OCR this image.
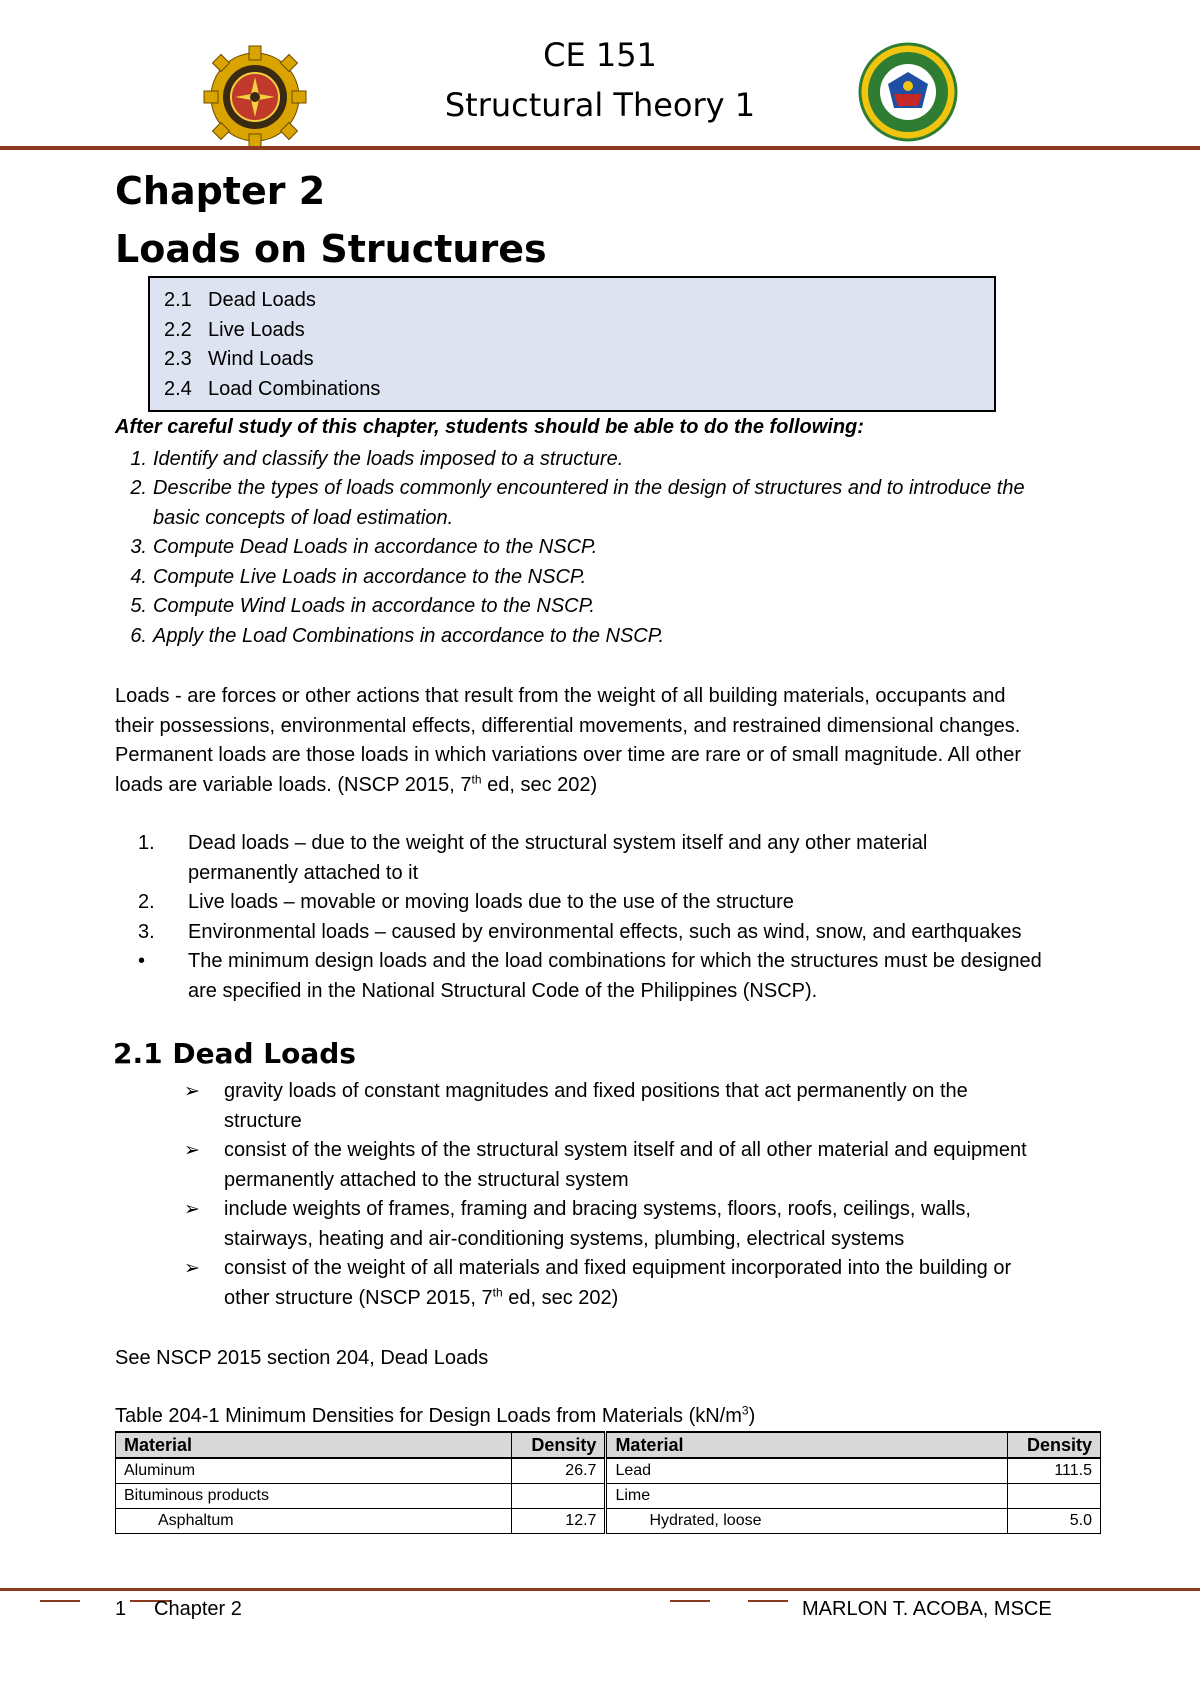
CE 151
Structural Theory 1
Chapter 2
Loads on Structures
2.1 Dead Loads
2.2 Live Loads
2.3 Wind Loads
2.4 Load Combinations
After careful study of this chapter, students should be able to do the following:
1. Identify and classify the loads imposed to a structure.
2. Describe the types of loads commonly encountered in the design of structures and to introduce the
basic concepts of load estimation.
3. Compute Dead Loads in accordance to the NSCP.
4. Compute Live Loads in accordance to the NSCP.
5. Compute Wind Loads in accordance to the NSCP.
6. Apply the Load Combinations in accordance to the NSCP.
Loads - are forces or other actions that result from the weight of all building materials, occupants and
their possessions, environmental effects, differential movements, and restrained dimensional changes.
Permanent loads are those loads in which variations over time are rare or of small magnitude. All other
loads are variable loads. (NSCP 2015, 7th ed, sec 202)
1.	Dead loads – due to the weight of the structural system itself and any other material
permanently attached to it
2.	Live loads – movable or moving loads due to the use of the structure
3.	Environmental loads – caused by environmental effects, such as wind, snow, and earthquakes
•	The minimum design loads and the load combinations for which the structures must be designed
are specified in the National Structural Code of the Philippines (NSCP).
2.1 Dead Loads
➢ gravity loads of constant magnitudes and fixed positions that act permanently on the
structure
➢ consist of the weights of the structural system itself and of all other material and equipment
permanently attached to the structural system
➢ include weights of frames, framing and bracing systems, floors, roofs, ceilings, walls,
stairways, heating and air-conditioning systems, plumbing, electrical systems
➢ consist of the weight of all materials and fixed equipment incorporated into the building or
other structure (NSCP 2015, 7th ed, sec 202)
See NSCP 2015 section 204, Dead Loads
Table 204-1 Minimum Densities for Design Loads from Materials $(kN/m^3)$
Material	Density	Material	Density
Aluminum	26.7	Lead	111.5
Bituminous products		Lime	
Asphaltum	12.7	Hydrated, loose	5.0
1 Chapter 2	MARLON T. ACOBA, MSCE
